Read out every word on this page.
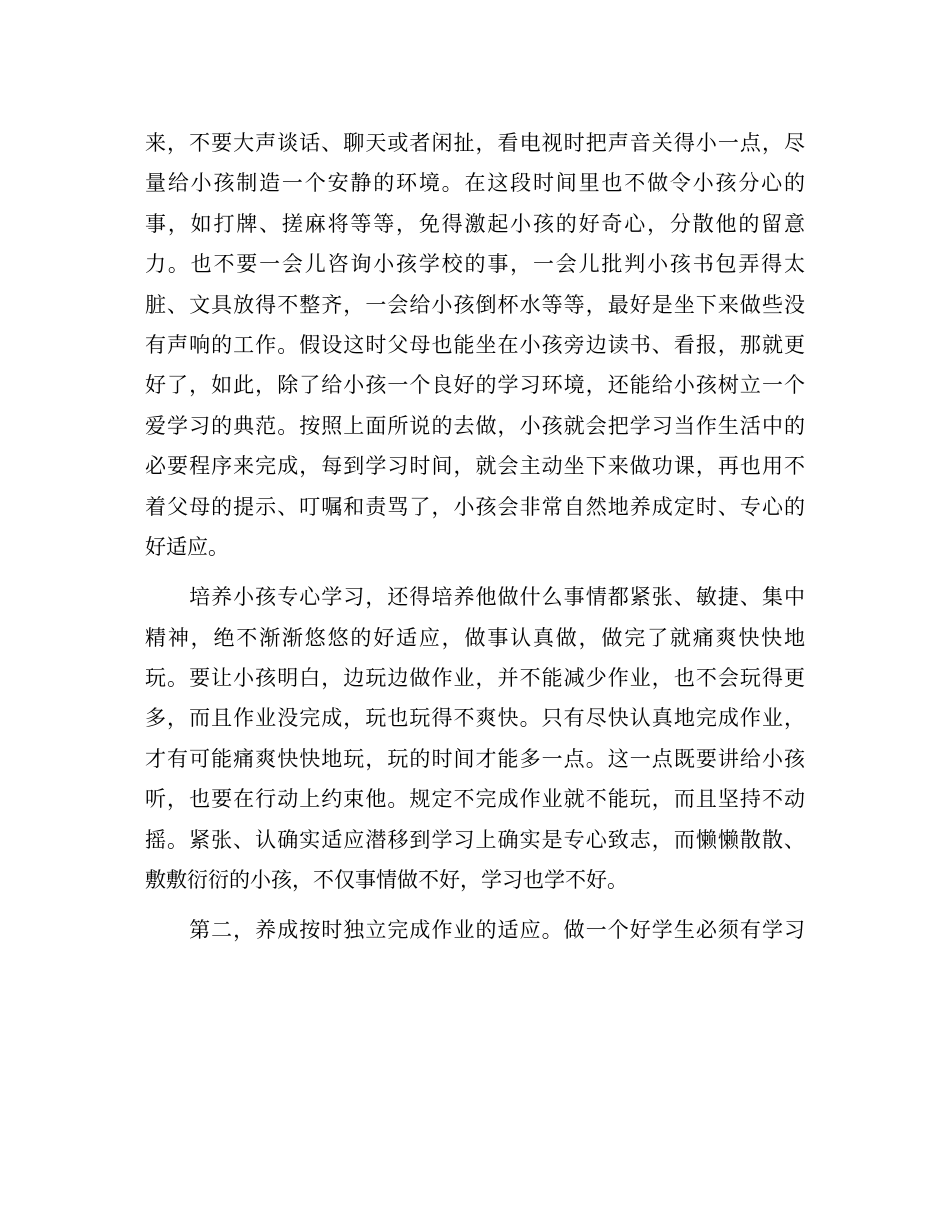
来，不要大声谈话、聊天或者闲扯，看电视时把声音关得小一点，尽
量给小孩制造一个安静的环境。在这段时间里也不做令小孩分心的
事，如打牌、搓麻将等等，免得激起小孩的好奇心，分散他的留意
力。也不要一会儿咨询小孩学校的事，一会儿批判小孩书包弄得太
脏、文具放得不整齐，一会给小孩倒杯水等等，最好是坐下来做些没
有声响的工作。假设这时父母也能坐在小孩旁边读书、看报，那就更
好了，如此，除了给小孩一个良好的学习环境，还能给小孩树立一个
爱学习的典范。按照上面所说的去做，小孩就会把学习当作生活中的
必要程序来完成，每到学习时间，就会主动坐下来做功课，再也用不
着父母的提示、叮嘱和责骂了，小孩会非常自然地养成定时、专心的
好适应。
　　培养小孩专心学习，还得培养他做什么事情都紧张、敏捷、集中
精神，绝不渐渐悠悠的好适应，做事认真做，做完了就痛爽快快地
玩。要让小孩明白，边玩边做作业，并不能减少作业，也不会玩得更
多，而且作业没完成，玩也玩得不爽快。只有尽快认真地完成作业，
才有可能痛爽快快地玩，玩的时间才能多一点。这一点既要讲给小孩
听，也要在行动上约束他。规定不完成作业就不能玩，而且坚持不动
摇。紧张、认确实适应潜移到学习上确实是专心致志，而懒懒散散、
敷敷衍衍的小孩，不仅事情做不好，学习也学不好。
　　第二，养成按时独立完成作业的适应。做一个好学生必须有学习
